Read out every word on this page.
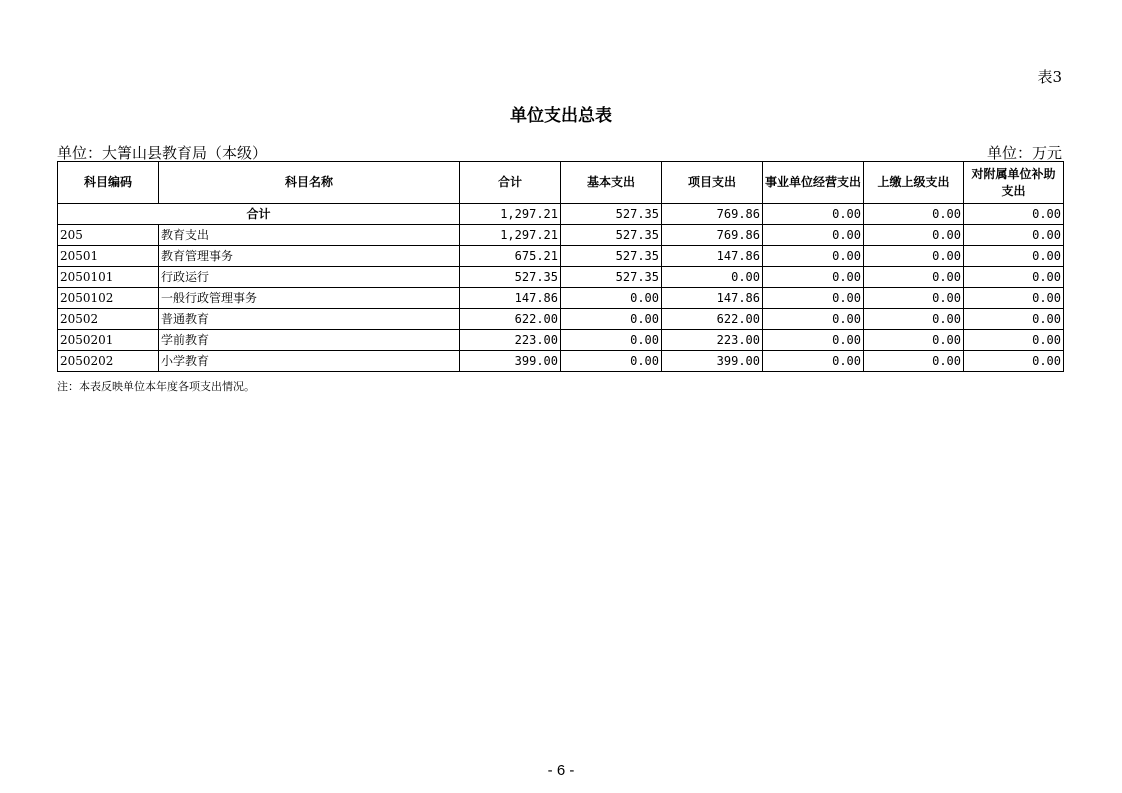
表3
单位支出总表
单位：大箐山县教育局（本级）	单位：万元
科目编码	科目名称	合计	基本支出	项目支出	事业单位经营支出	上缴上级支出	对附属单位补助支出
合计		1,297.21	527.35	769.86	0.00	0.00	0.00
205	教育支出	1,297.21	527.35	769.86	0.00	0.00	0.00
20501	教育管理事务	675.21	527.35	147.86	0.00	0.00	0.00
2050101	行政运行	527.35	527.35	0.00	0.00	0.00	0.00
2050102	一般行政管理事务	147.86	0.00	147.86	0.00	0.00	0.00
20502	普通教育	622.00	0.00	622.00	0.00	0.00	0.00
2050201	学前教育	223.00	0.00	223.00	0.00	0.00	0.00
2050202	小学教育	399.00	0.00	399.00	0.00	0.00	0.00
注：本表反映单位本年度各项支出情况。
- 6 -
